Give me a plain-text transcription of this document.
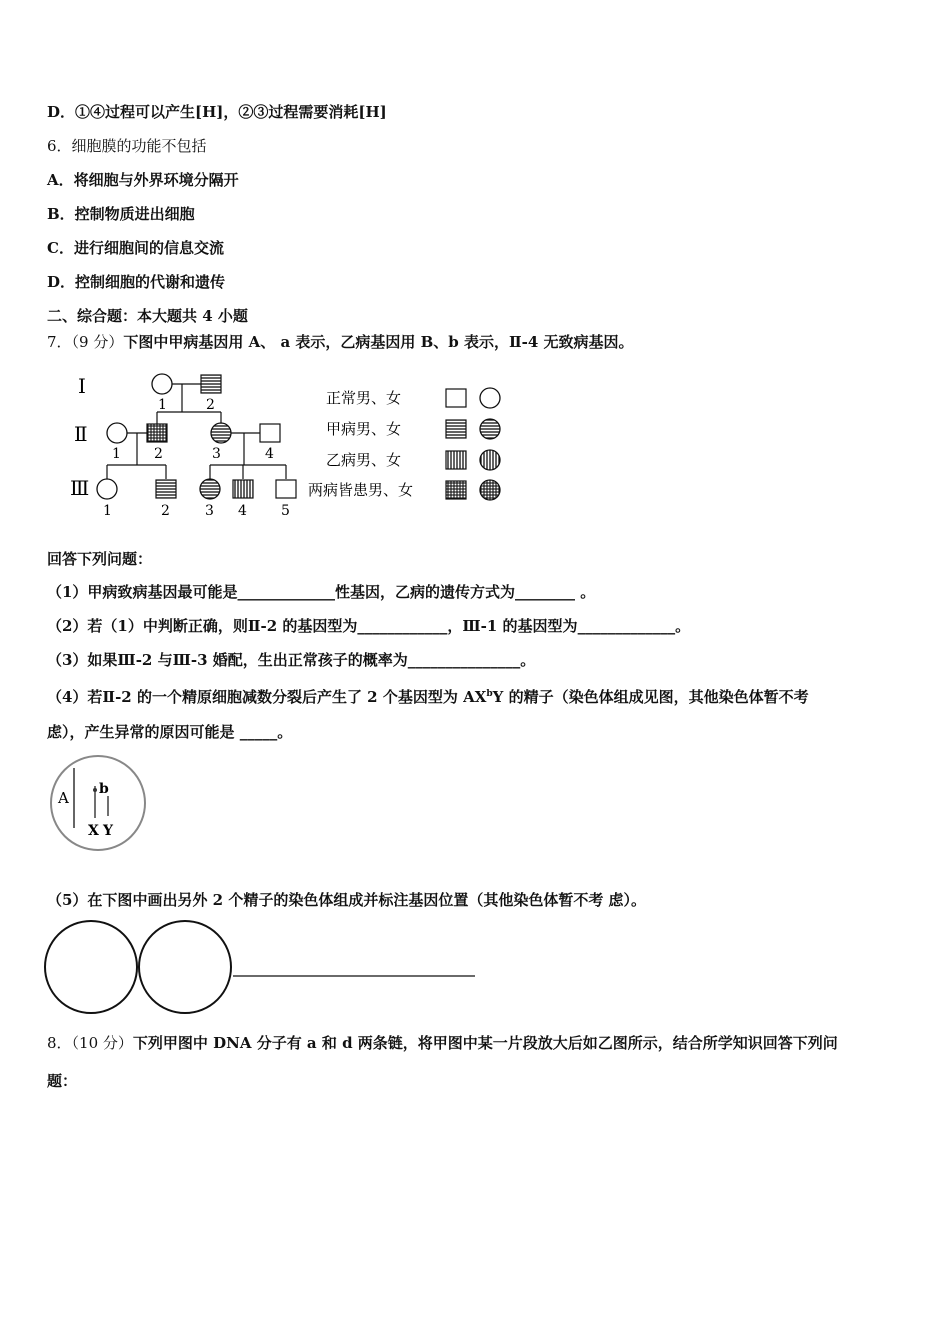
D．①④过程可以产生[H]，②③过程需要消耗[H]
6．细胞膜的功能不包括
A．将细胞与外界环境分隔开
B．控制物质进出细胞
C．进行细胞间的信息交流
D．控制细胞的代谢和遗传
二、综合题：本大题共 4 小题
7．（9 分）下图中甲病基因用 A、 a 表示，乙病基因用 B、b 表示，Ⅱ-4 无致病基因。
Ⅰ
Ⅱ
Ⅲ
1	2
1 2	3	4
1	2	3 4 5
正常男、女
甲病男、女
乙病男、女
两病皆患男、女
回答下列问题：
（1）甲病致病基因最可能是_____________性基因，乙病的遗传方式为________ 。
（2）若（1）中判断正确，则Ⅱ-2 的基因型为____________，Ⅲ-1 的基因型为_____________。
（3）如果Ⅲ-2 与Ⅲ-3 婚配，生出正常孩子的概率为_______________。
（4）若Ⅱ-2 的一个精原细胞减数分裂后产生了 2 个基因型为 $AX^bY$ 的精子（染色体组成见图，其他染色体暂不考
虑），产生异常的原因可能是 _____。
A b
X Y
（5）在下图中画出另外 2 个精子的染色体组成并标注基因位置（其他染色体暂不考 虑）。
8．（10 分）下列甲图中 DNA 分子有 a 和 d 两条链，将甲图中某一片段放大后如乙图所示，结合所学知识回答下列问
题：
